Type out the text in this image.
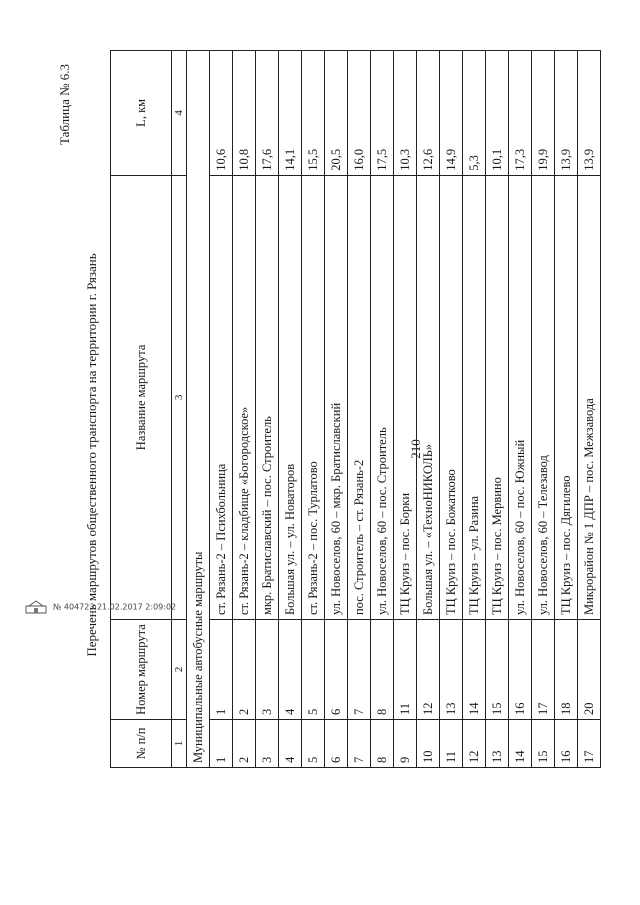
210
Таблица № 6.3
Перечень маршрутов общественного транспорта на территории г. Рязань
№ п/п	Номер маршрута	Название маршрута	L, км
1	2	3	4
Муниципальные автобусные маршруты			
1	1	ст. Рязань-2 – Психбольница	10,6
2	2	ст. Рязань-2 – кладбище «Богородское»	10,8
3	3	мкр. Братиславский – пос. Строитель	17,6
4	4	Большая ул. – ул. Новаторов	14,1
5	5	ст. Рязань-2 – пос. Турлатово	15,5
6	6	ул. Новоселов, 60 – мкр. Братиславский	20,5
7	7	пос. Строитель – ст. Рязань-2	16,0
8	8	ул. Новоселов, 60 – пос. Строитель	17,5
9	11	ТЦ Круиз – пос. Борки	10,3
10	12	Большая ул. – «ТехноНИКОЛЬ»	12,6
11	13	ТЦ Круиз – пос. Божатково	14,9
12	14	ТЦ Круиз – ул. Разина	5,3
13	15	ТЦ Круиз – пос. Мервино	10,1
14	16	ул. Новоселов, 60 – пос. Южный	17,3
15	17	ул. Новоселов, 60 – Телезавод	19,9
16	18	ТЦ Круиз – пос. Дягилево	13,9
17	20	Микрорайон № 1 ДПР – пос. Межзавода	13,9
№ 404723 21.02.2017 2:09:02
